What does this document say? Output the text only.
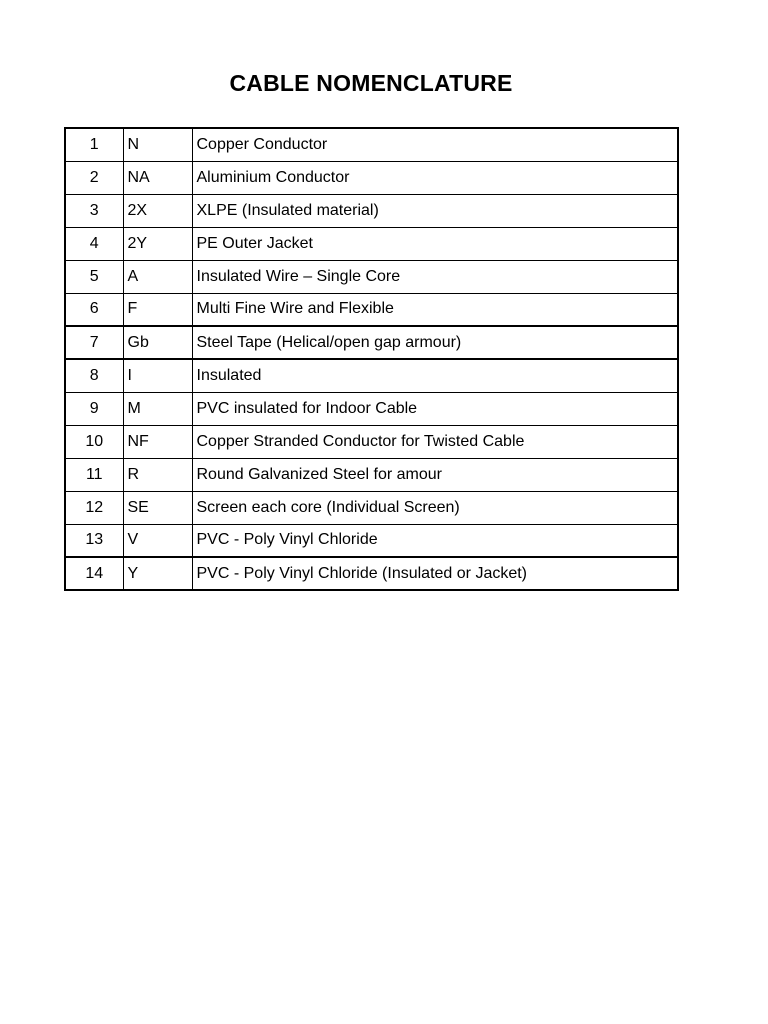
CABLE NOMENCLATURE
1	N	Copper Conductor
2	NA	Aluminium Conductor
3	2X	XLPE (Insulated material)
4	2Y	PE Outer Jacket
5	A	Insulated Wire – Single Core
6	F	Multi Fine Wire and Flexible
7	Gb	Steel Tape (Helical/open gap armour)
8	I	Insulated
9	M	PVC insulated for Indoor Cable
10	NF	Copper Stranded Conductor for Twisted Cable
11	R	Round Galvanized Steel for amour
12	SE	Screen each core (Individual Screen)
13	V	PVC - Poly Vinyl Chloride
14	Y	PVC - Poly Vinyl Chloride (Insulated or Jacket)
